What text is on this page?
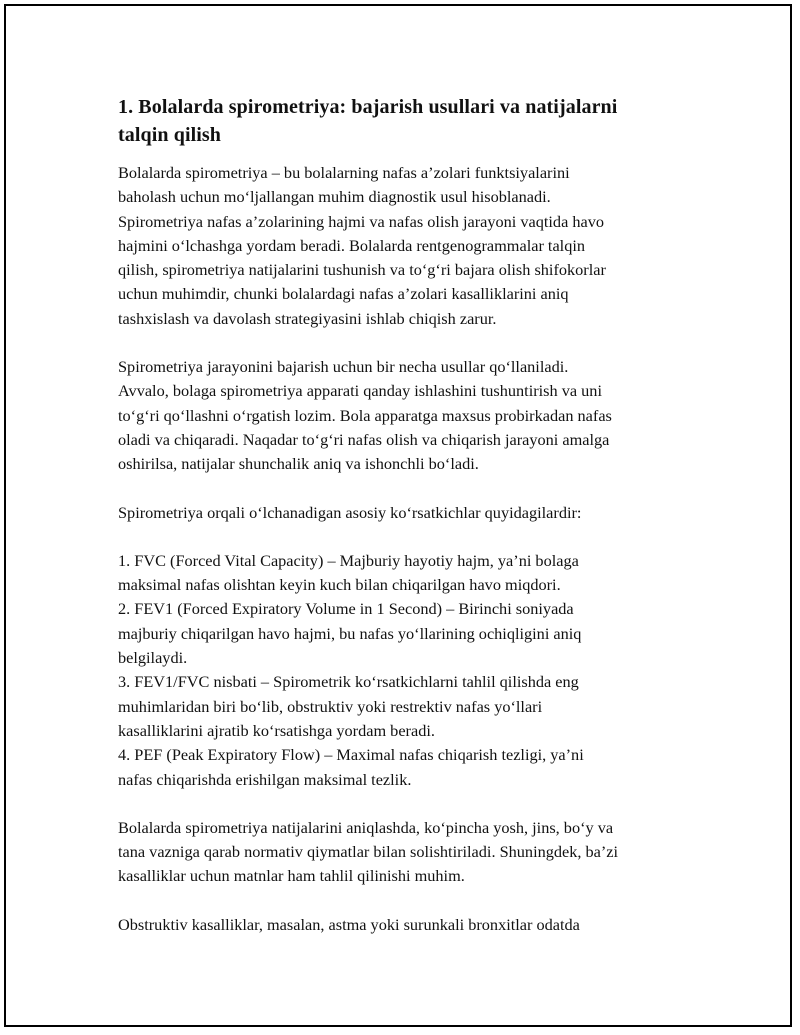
1. Bolalarda spirometriya: bajarish usullari va natijalarni
talqin qilish

Bolalarda spirometriya – bu bolalarning nafas a’zolari funktsiyalarini
baholash uchun mo‘ljallangan muhim diagnostik usul hisoblanadi.
Spirometriya nafas a’zolarining hajmi va nafas olish jarayoni vaqtida havo
hajmini o‘lchashga yordam beradi. Bolalarda rentgenogrammalar talqin
qilish, spirometriya natijalarini tushunish va to‘g‘ri bajara olish shifokorlar
uchun muhimdir, chunki bolalardagi nafas a’zolari kasalliklarini aniq
tashxislash va davolash strategiyasini ishlab chiqish zarur.

Spirometriya jarayonini bajarish uchun bir necha usullar qo‘llaniladi.
Avvalo, bolaga spirometriya apparati qanday ishlashini tushuntirish va uni
to‘g‘ri qo‘llashni o‘rgatish lozim. Bola apparatga maxsus probirkadan nafas
oladi va chiqaradi. Naqadar to‘g‘ri nafas olish va chiqarish jarayoni amalga
oshirilsa, natijalar shunchalik aniq va ishonchli bo‘ladi.

Spirometriya orqali o‘lchanadigan asosiy ko‘rsatkichlar quyidagilardir:

1. FVC (Forced Vital Capacity) – Majburiy hayotiy hajm, ya’ni bolaga
maksimal nafas olishtan keyin kuch bilan chiqarilgan havo miqdori.
2. FEV1 (Forced Expiratory Volume in 1 Second) – Birinchi soniyada
majburiy chiqarilgan havo hajmi, bu nafas yo‘llarining ochiqligini aniq
belgilaydi.
3. FEV1/FVC nisbati – Spirometrik ko‘rsatkichlarni tahlil qilishda eng
muhimlaridan biri bo‘lib, obstruktiv yoki restrektiv nafas yo‘llari
kasalliklarini ajratib ko‘rsatishga yordam beradi.
4. PEF (Peak Expiratory Flow) – Maximal nafas chiqarish tezligi, ya’ni
nafas chiqarishda erishilgan maksimal tezlik.

Bolalarda spirometriya natijalarini aniqlashda, ko‘pincha yosh, jins, bo‘y va
tana vazniga qarab normativ qiymatlar bilan solishtiriladi. Shuningdek, ba’zi
kasalliklar uchun matnlar ham tahlil qilinishi muhim.

Obstruktiv kasalliklar, masalan, astma yoki surunkali bronxitlar odatda
